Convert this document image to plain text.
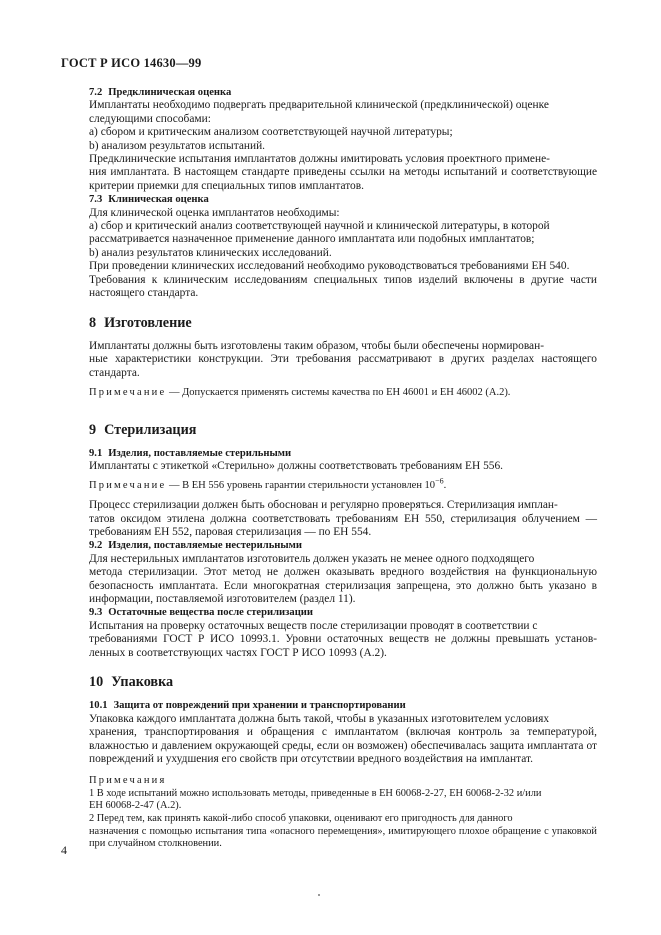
ГОСТ Р ИСО 14630—99

7.2 Предклиническая оценка

Имплантаты необходимо подвергать предварительной клинической (предклинической) оценке

следующими способами:

а) сбором и критическим анализом соответствующей научной литературы;

b) анализом результатов испытаний.

Предклинические испытания имплантатов должны имитировать условия проектного примене-

ния имплантата. В настоящем стандарте приведены ссылки на методы испытаний и соответствующие критерии приемки для специальных типов имплантатов.

7.3 Клиническая оценка

Для клинической оценка имплантатов необходимы:

а) сбор и критический анализ соответствующей научной и клинической литературы, в которой

рассматривается назначенное применение данного имплантата или подобных имплантатов;

b) анализ результатов клинических исследований.

При проведении клинических исследований необходимо руководствоваться требованиями ЕН 540.

Требования к клиническим исследованиям специальных типов изделий включены в другие части настоящего стандарта.

8 Изготовление

Имплантаты должны быть изготовлены таким образом, чтобы были обеспечены нормирован-

ные характеристики конструкции. Эти требования рассматривают в других разделах настоящего стандарта.

Примечание — Допускается применять системы качества по ЕН 46001 и ЕН 46002 (А.2).

9 Стерилизация

9.1 Изделия, поставляемые стерильными

Имплантаты с этикеткой «Стерильно» должны соответствовать требованиям ЕН 556.

Примечание — В ЕН 556 уровень гарантии стерильности установлен $10^{-6}$.

Процесс стерилизации должен быть обоснован и регулярно проверяться. Стерилизация имплан-

татов оксидом этилена должна соответствовать требованиям ЕН 550, стерилизация облучением — требованиям ЕН 552, паровая стерилизация — по ЕН 554.

9.2 Изделия, поставляемые нестерильными

Для нестерильных имплантатов изготовитель должен указать не менее одного подходящего

метода стерилизации. Этот метод не должен оказывать вредного воздействия на функциональную безопасность имплантата. Если многократная стерилизация запрещена, это должно быть указано в информации, поставляемой изготовителем (раздел 11).

9.3 Остаточные вещества после стерилизации

Испытания на проверку остаточных веществ после стерилизации проводят в соответствии с

требованиями ГОСТ Р ИСО 10993.1. Уровни остаточных веществ не должны превышать установ- ленных в соответствующих частях ГОСТ Р ИСО 10993 (А.2).

10 Упаковка

10.1 Защита от повреждений при хранении и транспортировании

Упаковка каждого имплантата должна быть такой, чтобы в указанных изготовителем условиях

хранения, транспортирования и обращения с имплантатом (включая контроль за температурой, влажностью и давлением окружающей среды, если он возможен) обеспечивалась защита имплантата от повреждений и ухудшения его свойств при отсутствии вредного воздействия на имплантат.

Примечания

1 В ходе испытаний можно использовать методы, приведенные в ЕН 60068-2-27, ЕН 60068-2-32 и/или

ЕН 60068-2-47 (А.2).

2 Перед тем, как принять какой-либо способ упаковки, оценивают его пригодность для данного

назначения с помощью испытания типа «опасного перемещения», имитирующего плохое обращение с упаковкой при случайном столкновении.

4
